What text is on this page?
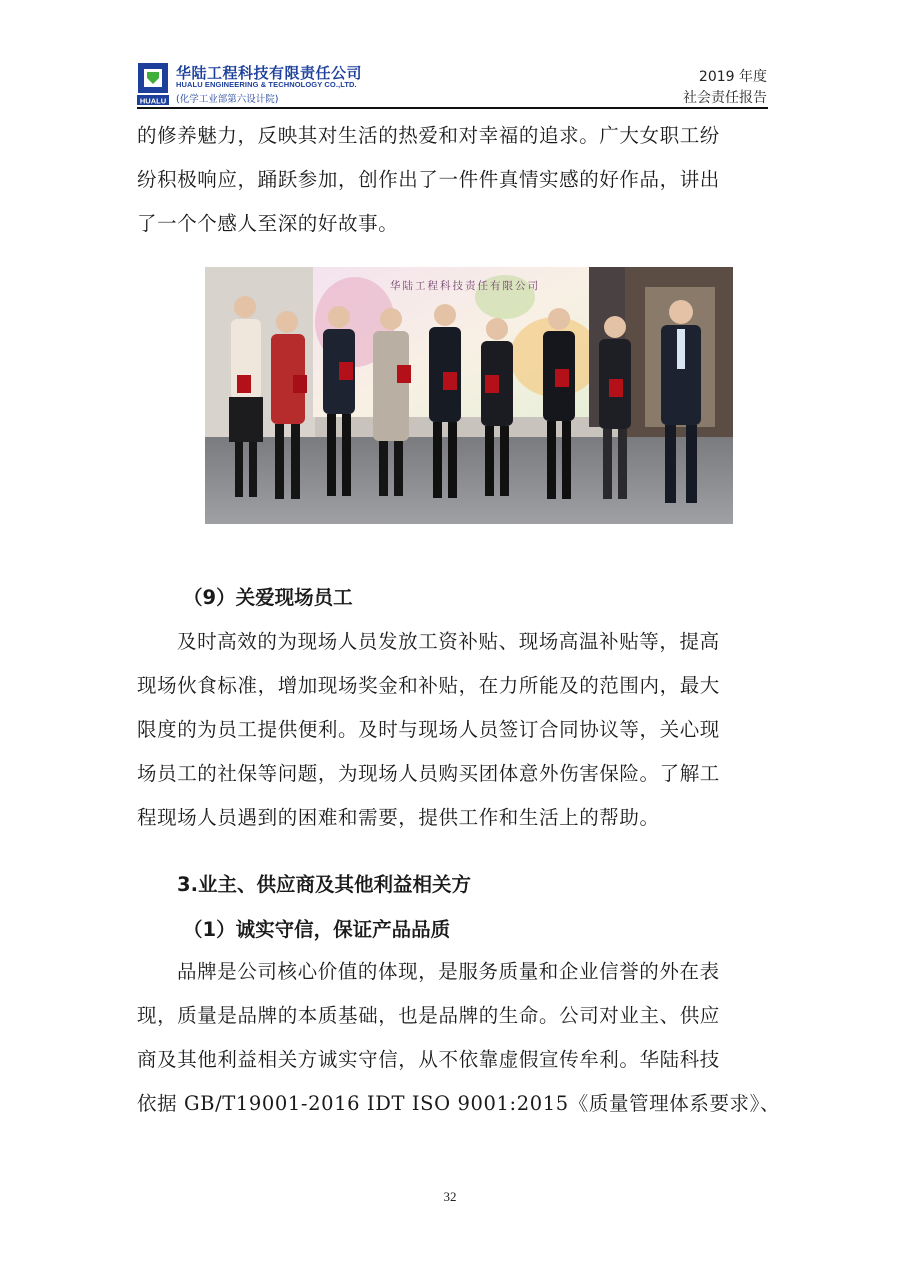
HUALU
华陆工程科技有限责任公司
HUALU ENGINEERING & TECHNOLOGY CO.,LTD.
(化学工业部第六设计院)
2019 年度
社会责任报告
的修养魅力，反映其对生活的热爱和对幸福的追求。广大女职工纷
纷积极响应，踊跃参加，创作出了一件件真情实感的好作品，讲出
了一个个感人至深的好故事。
华陆工程科技责任有限公司
（9）关爱现场员工
及时高效的为现场人员发放工资补贴、现场高温补贴等，提高
现场伙食标准，增加现场奖金和补贴，在力所能及的范围内，最大
限度的为员工提供便利。及时与现场人员签订合同协议等，关心现
场员工的社保等问题，为现场人员购买团体意外伤害保险。了解工
程现场人员遇到的困难和需要，提供工作和生活上的帮助。
3.业主、供应商及其他利益相关方
（1）诚实守信，保证产品品质
品牌是公司核心价值的体现，是服务质量和企业信誉的外在表
现，质量是品牌的本质基础，也是品牌的生命。公司对业主、供应
商及其他利益相关方诚实守信，从不依靠虚假宣传牟利。华陆科技
依据 GB/T19001-2016 IDT ISO 9001:2015《质量管理体系要求》、
32
